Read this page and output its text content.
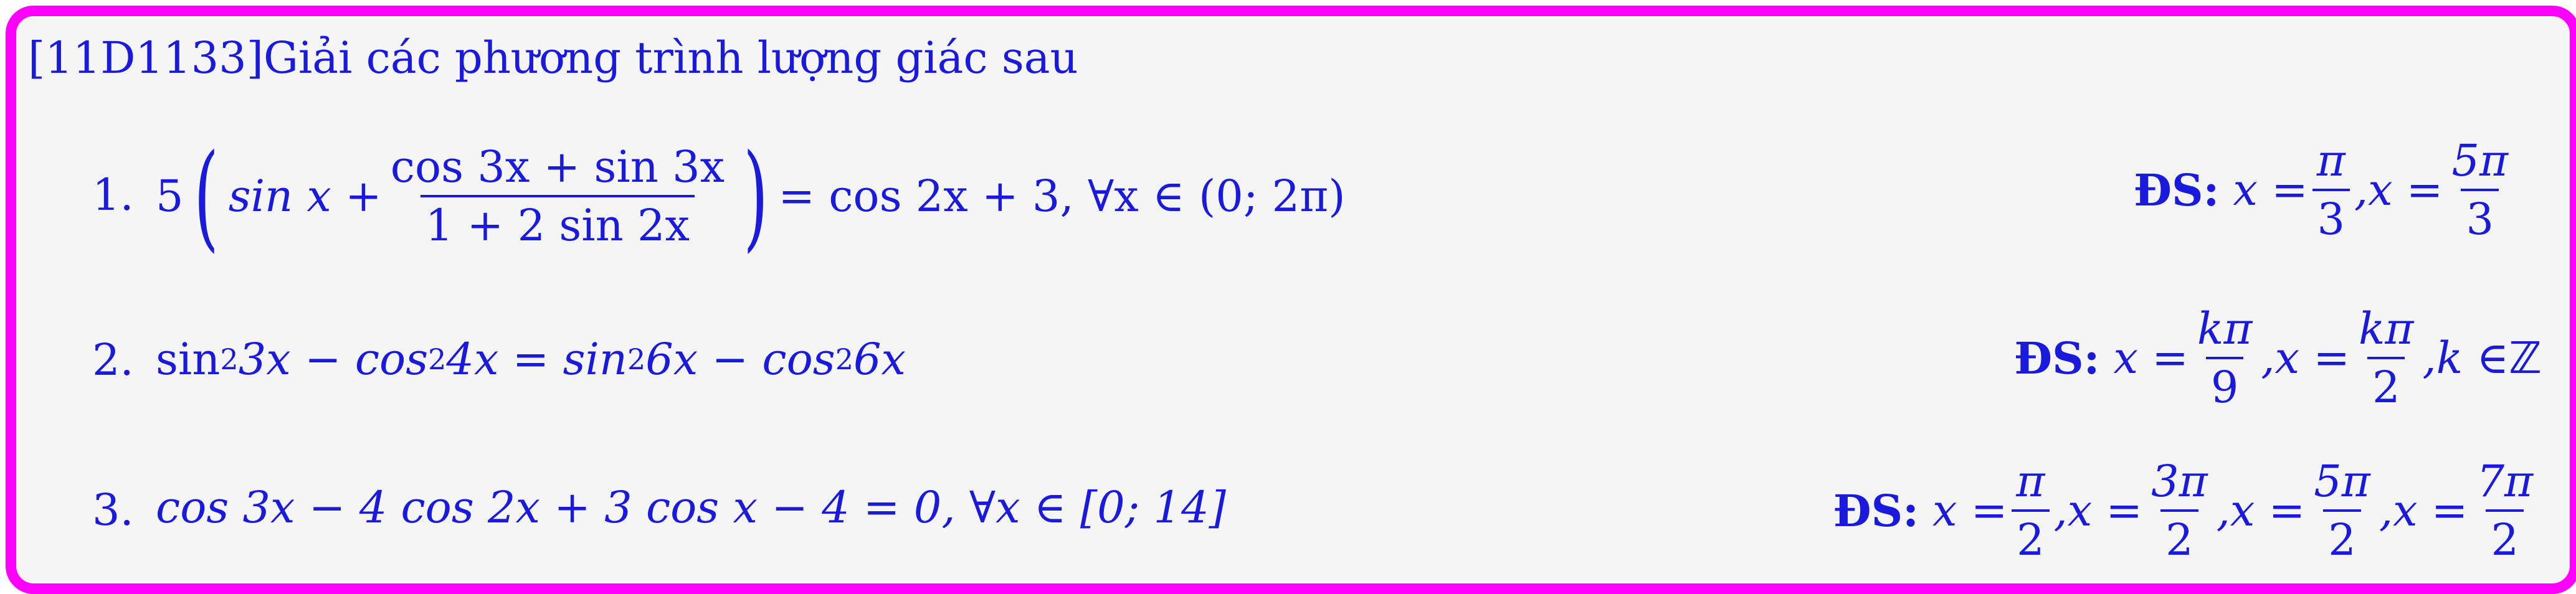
[11D1133]Giải các phương trình lượng giác sau
1. 5 ( $\sin x + \frac{\cos 3x + \sin 3x}{1 + 2 \sin 2x}$ ) = cos 2x + 3, ∀x ∈ (0; 2π)	ĐS: $x = \frac{\pi}{3} ,x = \frac{5\pi}{3}$
2. sin 2 3x − cos 2 4x = sin 2 6x − cos 2 6x	ĐS: $x = \frac{k\pi}{9} ,x = \frac{k\pi}{2} ,k$ ∈ ℤ
3. cos 3x − 4 cos 2x + 3 cos x − 4 = 0, ∀x ∈ [0; 14]	ĐS: $x = \frac{\pi}{2} ,x = \frac{3\pi}{2} ,x = \frac{5\pi}{2} ,x = \frac{7\pi}{2}$
